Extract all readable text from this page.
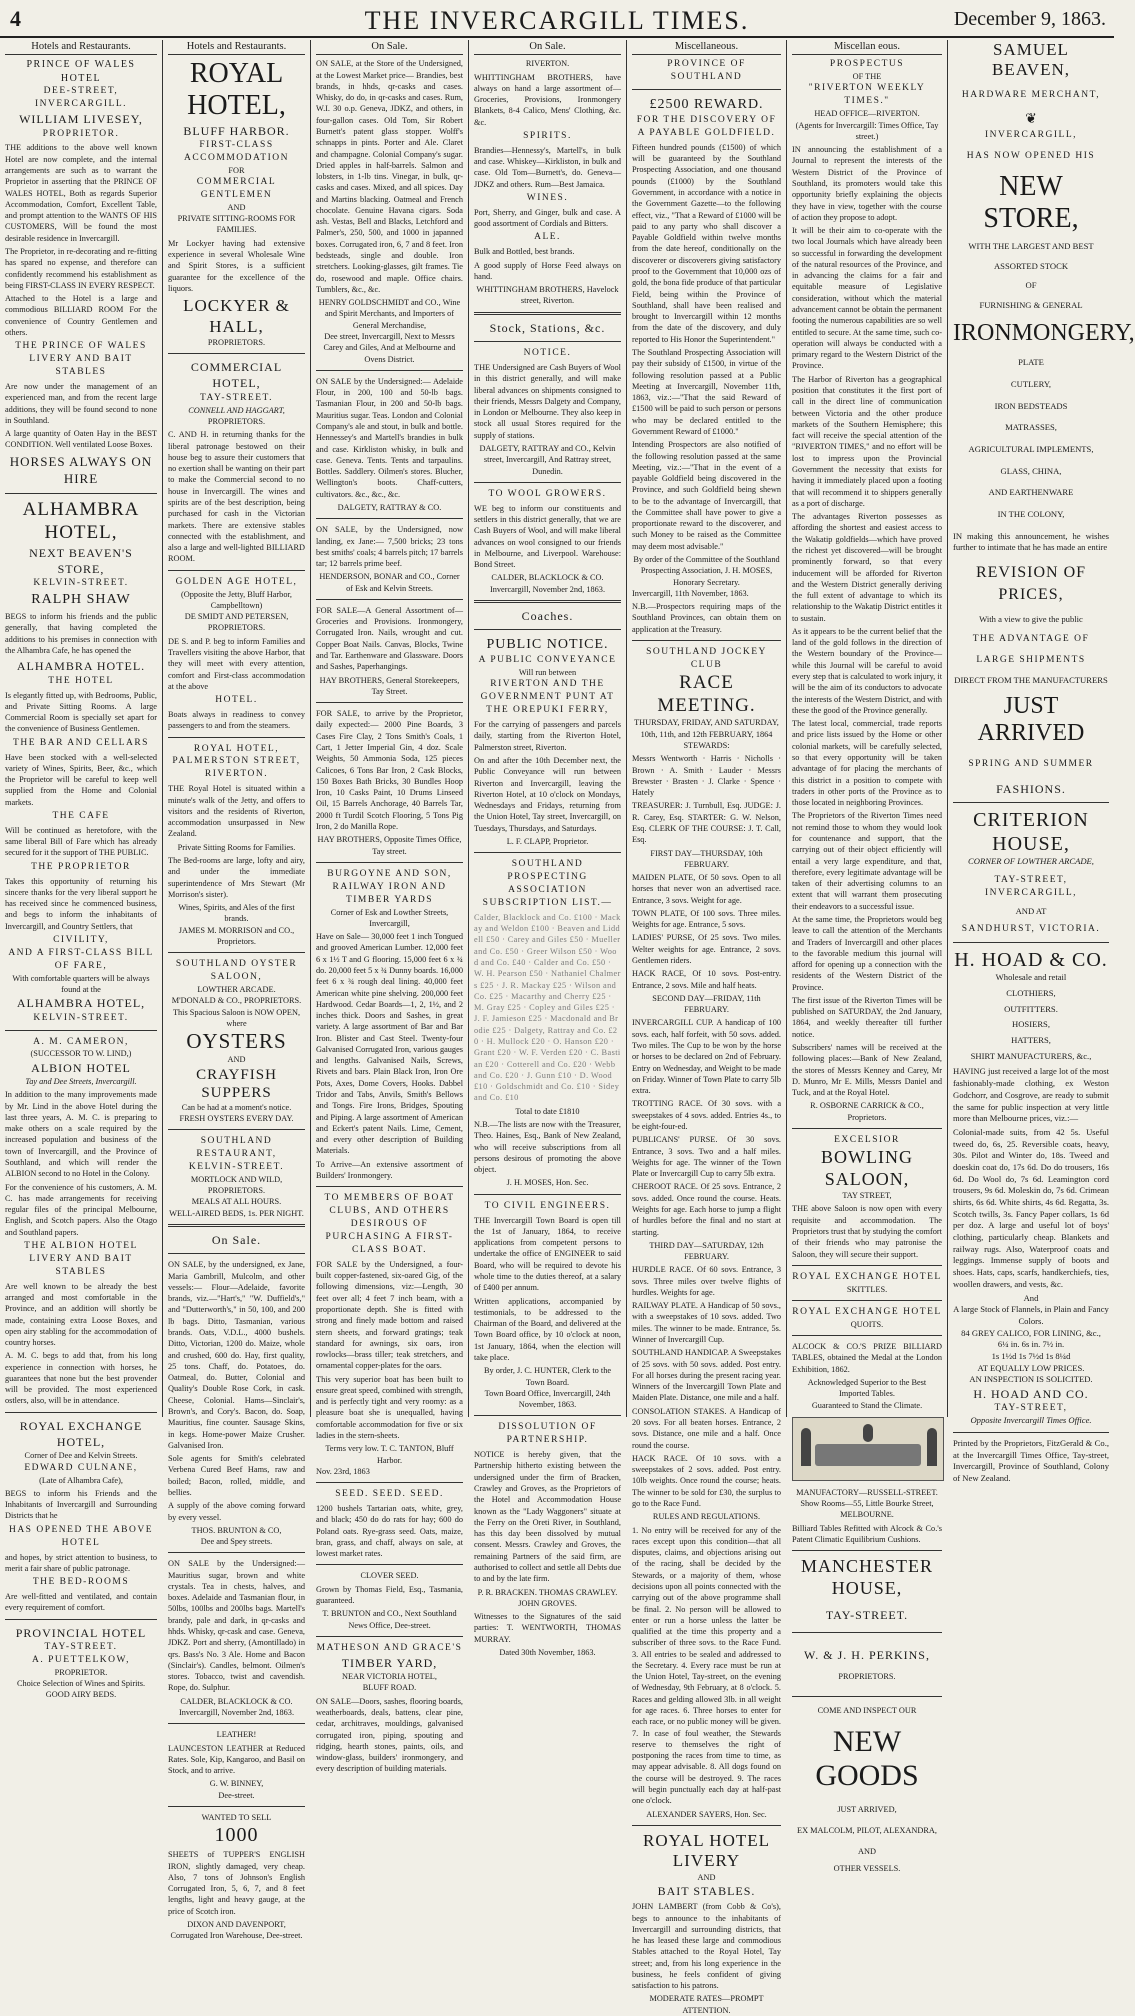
4	THE INVERCARGILL TIMES.	December 9, 1863.
Hotels and Restaurants.
PRINCE OF WALES HOTEL
DEE-STREET,
INVERCARGILL.
WILLIAM LIVESEY,
PROPRIETOR.

THE additions to the above well known Hotel are now complete, and the internal arrangements are such as to warrant the Proprietor in asserting that the PRINCE OF WALES HOTEL, Both as regards Superior Accommodation, Comfort, Excellent Table, and prompt attention to the WANTS OF HIS CUSTOMERS, Will be found the most desirable residence in Invercargill.

The Proprietor, in re-decorating and re-fitting has spared no expense, and therefore can confidently recommend his establishment as being FIRST-CLASS IN EVERY RESPECT.

Attached to the Hotel is a large and commodious BILLIARD ROOM For the convenience of Country Gentlemen and others.

THE PRINCE OF WALES LIVERY AND BAIT STABLES

Are now under the management of an experienced man, and from the recent large additions, they will be found second to none in Southland.

A large quantity of Oaten Hay in the BEST CONDITION. Well ventilated Loose Boxes.

HORSES ALWAYS ON HIRE
ALHAMBRA HOTEL,
NEXT BEAVEN'S STORE,
KELVIN-STREET.
RALPH SHAW

BEGS to inform his friends and the public generally, that having completed the additions to his premises in connection with the Alhambra Cafe, he has opened the

ALHAMBRA HOTEL.
THE HOTEL

Is elegantly fitted up, with Bedrooms, Public, and Private Sitting Rooms. A large Commercial Room is specially set apart for the convenience of Business Gentlemen.

THE BAR AND CELLARS

Have been stocked with a well-selected variety of Wines, Spirits, Beer, &c., which the Proprietor will be careful to keep well supplied from the Home and Colonial markets.

THE CAFE

Will be continued as heretofore, with the same liberal Bill of Fare which has already secured for it the support of THE PUBLIC.

THE PROPRIETOR

Takes this opportunity of returning his sincere thanks for the very liberal support he has received since he commenced business, and begs to inform the inhabitants of Invercargill, and Country Settlers, that

CIVILITY,
AND A FIRST-CLASS BILL OF FARE,
With comfortable quarters will be always found at the
ALHAMBRA HOTEL,
KELVIN-STREET.
A. M. CAMERON,
(SUCCESSOR TO W. LIND,)
ALBION HOTEL
Tay and Dee Streets, Invercargill.

In addition to the many improvements made by Mr. Lind in the above Hotel during the last three years, A. M. C. is preparing to make others on a scale required by the increased population and business of the town of Invercargill, and the Province of Southland, and which will render the ALBION second to no Hotel in the Colony.

For the convenience of his customers, A. M. C. has made arrangements for receiving regular files of the principal Melbourne, English, and Scotch papers. Also the Otago and Southland papers.

THE ALBION HOTEL LIVERY AND BAIT STABLES

Are well known to be already the best arranged and most comfortable in the Province, and an addition will shortly be made, containing extra Loose Boxes, and open airy stabling for the accommodation of country horses.

A. M. C. begs to add that, from his long experience in connection with horses, he guarantees that none but the best provender will be provided. The most experienced ostlers, also, will be in attendance.

ROYAL EXCHANGE HOTEL,
Corner of Dee and Kelvin Streets.
EDWARD CULNANE,
(Late of Alhambra Cafe),

BEGS to inform his Friends and the Inhabitants of Invercargill and Surrounding Districts that he

HAS OPENED THE ABOVE HOTEL

and hopes, by strict attention to business, to merit a fair share of public patronage.

THE BED-ROOMS

Are well-fitted and ventilated, and contain every requirement of comfort.

PROVINCIAL HOTEL
TAY-STREET.
A. PUETTELKOW,
PROPRIETOR.
Choice Selection of Wines and Spirits.
GOOD AIRY BEDS.
Hotels and Restaurants.
ROYAL HOTEL,
BLUFF HARBOR.
FIRST-CLASS ACCOMMODATION
FOR
COMMERCIAL GENTLEMEN
AND
PRIVATE SITTING-ROOMS FOR FAMILIES.

Mr Lockyer having had extensive experience in several Wholesale Wine and Spirit Stores, is a sufficient guarantee for the excellence of the liquors.

LOCKYER & HALL,
PROPRIETORS.
COMMERCIAL HOTEL,
TAY-STREET.
CONNELL AND HAGGART,
PROPRIETORS.

C. AND H. in returning thanks for the liberal patronage bestowed on their house beg to assure their customers that no exertion shall be wanting on their part to make the Commercial second to no house in Invercargill. The wines and spirits are of the best description, being purchased for cash in the Victorian markets. There are extensive stables connected with the establishment, and also a large and well-lighted BILLIARD ROOM.

GOLDEN AGE HOTEL,
(Opposite the Jetty, Bluff Harbor, Campbelltown)
DE SMIDT AND PETERSEN, PROPRIETORS.

DE S. and P. beg to inform Families and Travellers visiting the above Harbor, that they will meet with every attention, comfort and First-class accommodation at the above

HOTEL.

Boats always in readiness to convey passengers to and from the steamers.

ROYAL HOTEL,
PALMERSTON STREET,
RIVERTON.

THE Royal Hotel is situated within a minute's walk of the Jetty, and offers to visitors and the residents of Riverton, accommodation unsurpassed in New Zealand.

Private Sitting Rooms for Families.

The Bed-rooms are large, lofty and airy, and under the immediate superintendence of Mrs Stewart (Mr Morrison's sister).

Wines, Spirits, and Ales of the first brands.
JAMES M. MORRISON and CO., Proprietors.
SOUTHLAND OYSTER SALOON,
LOWTHER ARCADE.
M'DONALD & CO., PROPRIETORS.
This Spacious Saloon is NOW OPEN, where
OYSTERS
AND
CRAYFISH SUPPERS
Can be had at a moment's notice.
FRESH OYSTERS EVERY DAY.
SOUTHLAND RESTAURANT,
KELVIN-STREET.
MORTLOCK AND WILD,
PROPRIETORS.
MEALS AT ALL HOURS.
WELL-AIRED BEDS, 1s. PER NIGHT.
On Sale.

ON SALE, by the undersigned, ex Jane, Maria Gambrill, Mulcolm, and other vessels:— Flour—Adelaide, favorite brands, viz.—"Hart's," "W. Duffield's," and "Dutterworth's," in 50, 100, and 200 lb bags. Ditto, Tasmanian, various brands. Oats, V.D.L., 4000 bushels. Ditto, Victorian, 1200 do. Maize, whole and crushed, 600 do. Hay, first quality, 25 tons. Chaff, do. Potatoes, do. Oatmeal, do. Butter, Colonial and Quality's Double Rose Cork, in cask. Cheese, Colonial. Hams—Sinclair's, Brown's, and Cory's. Bacon, do. Soap, Mauritius, fine counter. Sausage Skins, in kegs. Home-power Maize Crusher. Galvanised Iron.

Sole agents for Smith's celebrated Verbena Cured Beef Hams, raw and boiled; Bacon, rolled, middle, and bellies.

A supply of the above coming forward by every vessel.

THOS. BRUNTON & CO,
Dee and Spey streets.

ON SALE by the Undersigned:— Mauritius sugar, brown and white crystals. Tea in chests, halves, and boxes. Adelaide and Tasmanian flour, in 50lbs, 100lbs and 200lbs bags. Martell's brandy, pale and dark, in qr-casks and hhds. Whisky, qr-cask and case. Geneva, JDKZ. Port and sherry, (Amontillado) in qrs. Bass's No. 3 Ale. Home and Bacon (Sinclair's). Candles, belmont. Oilmen's stores. Tobacco, twist and cavendish. Rope, do. Sulphur.

CALDER, BLACKLOCK & CO.
Invercargill, November 2nd, 1863.
LEATHER!

LAUNCESTON LEATHER at Reduced Rates. Sole, Kip, Kangaroo, and Basil on Stock, and to arrive.

G. W. BINNEY,
Dee-street.
WANTED TO SELL
1000

SHEETS of TUPPER'S ENGLISH IRON, slightly damaged, very cheap. Also, 7 tons of Johnson's English Corrugated Iron, 5, 6, 7, and 8 feet lengths, light and heavy gauge, at the price of Scotch iron.

DIXON AND DAVENPORT,
Corrugated Iron Warehouse, Dee-street.
On Sale.

ON SALE, at the Store of the Undersigned, at the Lowest Market price— Brandies, best brands, in hhds, qr-casks and cases. Whisky, do do, in qr-casks and cases. Rum, W.I. 30 o.p. Geneva, JDKZ, and others, in four-gallon cases. Old Tom, Sir Robert Burnett's patent glass stopper. Wolff's schnapps in pints. Porter and Ale. Claret and champagne. Colonial Company's sugar. Dried apples in half-barrels. Salmon and lobsters, in 1-lb tins. Vinegar, in bulk, qr-casks and cases. Mixed, and all spices. Day and Martins blacking. Oatmeal and French chocolate. Genuine Havana cigars. Soda ash. Vestas, Bell and Blacks, Letchford and Palmer's, 250, 500, and 1000 in japanned boxes. Corrugated iron, 6, 7 and 8 feet. Iron bedsteads, single and double. Iron stretchers. Looking-glasses, gilt frames. Tie do, rosewood and maple. Office chairs. Tumblers, &c., &c.

HENRY GOLDSCHMIDT and CO., Wine and Spirit Merchants, and Importers of General Merchandise,
Dee street, Invercargill, Next to Messrs Carey and Giles, And at Melbourne and Ovens District.

ON SALE by the Undersigned:— Adelaide Flour, in 200, 100 and 50-lb bags. Tasmanian Flour, in 200 and 50-lb bags. Mauritius sugar. Teas. London and Colonial Company's ale and stout, in bulk and bottle. Hennessey's and Martell's brandies in bulk and case. Kirkliston whisky, in bulk and case. Geneva. Tents. Tents and tarpaulins. Bottles. Saddlery. Oilmen's stores. Blucher, Wellington's boots. Chaff-cutters, cultivators. &c., &c., &c.

DALGETY, RATTRAY & CO.

ON SALE, by the Undersigned, now landing, ex Jane:— 7,500 bricks; 23 tons best smiths' coals; 4 barrels pitch; 17 barrels tar; 12 barrels prime beef.

HENDERSON, BONAR and CO., Corner of Esk and Kelvin Streets.

FOR SALE—A General Assortment of—Groceries and Provisions. Ironmongery, Corrugated Iron. Nails, wrought and cut. Copper Boat Nails. Canvas, Blocks, Twine and Tar. Earthenware and Glassware. Doors and Sashes, Paperhangings.

HAY BROTHERS, General Storekeepers, Tay Street.

FOR SALE, to arrive by the Proprietor, daily expected:— 2000 Pine Boards, 3 Cases Fire Clay, 2 Tons Smith's Coals, 1 Cart, 1 Jetter Imperial Gin, 4 doz. Scale Weights, 50 Ammonia Soda, 125 pieces Calicoes, 6 Tons Bar Iron, 2 Cask Blocks, 150 Boxes Bath Bricks, 30 Bundles Hoop Iron, 10 Casks Paint, 10 Drums Linseed Oil, 15 Barrels Anchorage, 40 Barrels Tar, 2000 ft Turdil Scotch Flooring, 5 Tons Pig Iron, 2 do Manilla Rope.

HAY BROTHERS, Opposite Times Office, Tay street.
BURGOYNE AND SON, RAILWAY IRON AND TIMBER YARDS
Corner of Esk and Lowther Streets, Invercargill,

Have on Sale— 30,000 feet 1 inch Tongued and grooved American Lumber. 12,000 feet 6 x 1½ T and G flooring. 15,000 feet 6 x ¾ do. 20,000 feet 5 x ¾ Dunny boards. 16,000 feet 6 x ¾ rough deal lining. 40,000 feet American white pine shelving. 200,000 feet Hardwood. Cedar Boards—1, 2, 1½, and 2 inches thick. Doors and Sashes, in great variety. A large assortment of Bar and Bar Iron. Blister and Cast Steel. Twenty-four Galvanised Corrugated Iron, various gauges and lengths. Galvanised Nails, Screws, Rivets and bars. Plain Black Iron, Iron Ore Pots, Axes, Dome Covers, Hooks. Dabbel Tridor and Tabs, Anvils, Smith's Bellows and Tongs. Fire Irons, Bridges, Spouting and Piping. A large assortment of American and Eckert's patent Nails. Lime, Cement, and every other description of Building Materials.

To Arrive—An extensive assortment of Builders' Ironmongery.

TO MEMBERS OF BOAT CLUBS, AND OTHERS DESIROUS OF PURCHASING A FIRST-CLASS BOAT.

FOR SALE by the Undersigned, a four-built copper-fastened, six-oared Gig, of the following dimensions, viz:—Length, 30 feet over all; 4 feet 7 inch beam, with a proportionate depth. She is fitted with strong and finely made bottom and raised stern sheets, and forward gratings; teak standard for awnings, six oars, iron rowlocks—brass tiller; teak stretchers, and ornamental copper-plates for the oars.

This very superior boat has been built to ensure great speed, combined with strength, and is perfectly tight and very roomy: as a pleasure boat she is unequalled, having comfortable accommodation for five or six ladies in the stern-sheets.

Terms very low. T. C. TANTON, Bluff Harbor.
Nov. 23rd, 1863
SEED. SEED. SEED.

1200 bushels Tartarian oats, white, grey, and black; 450 do do rats for hay; 600 do Poland oats. Rye-grass seed. Oats, maize, bran, grass, and chaff, always on sale, at lowest market rates.

CLOVER SEED.

Grown by Thomas Field, Esq., Tasmania, guaranteed.

T. BRUNTON and CO., Next Southland News Office, Dee-street.
MATHESON AND GRACE'S
TIMBER YARD,
NEAR VICTORIA HOTEL,
BLUFF ROAD.

ON SALE—Doors, sashes, flooring boards, weatherboards, deals, battens, clear pine, cedar, architraves, mouldings, galvanised corrugated iron, piping, spouting and ridging, hearth stones, paints, oils, and window-glass, builders' ironmongery, and every description of building materials.

On Sale.
RIVERTON.

WHITTINGHAM BROTHERS, have always on hand a large assortment of— Groceries, Provisions, Ironmongery Blankets, 8-4 Calico, Mens' Clothing, &c. &c.

SPIRITS.

Brandies—Hennessy's, Martell's, in bulk and case. Whiskey—Kirkliston, in bulk and case. Old Tom—Burnett's, do. Geneva—JDKZ and others. Rum—Best Jamaica.

WINES.

Port, Sherry, and Ginger, bulk and case. A good assortment of Cordials and Bitters.

ALE.

Bulk and Bottled, best brands.

A good supply of Horse Feed always on hand.

WHITTINGHAM BROTHERS, Havelock street, Riverton.
Stock, Stations, &c.
NOTICE.

THE Undersigned are Cash Buyers of Wool in this district generally, and will make liberal advances on shipments consigned to their friends, Messrs Dalgety and Company, in London or Melbourne. They also keep in stock all usual Stores required for the supply of stations.

DALGETY, RATTRAY and CO., Kelvin street, Invercargill, And Rattray street, Dunedin.
TO WOOL GROWERS.

WE beg to inform our constituents and settlers in this district generally, that we are Cash Buyers of Wool, and will make liberal advances on wool consigned to our friends in Melbourne, and Liverpool. Warehouse: Bond Street.

CALDER, BLACKLOCK & CO.
Invercargill, November 2nd, 1863.
Coaches.
PUBLIC NOTICE.
A PUBLIC CONVEYANCE
Will run between
RIVERTON AND THE GOVERNMENT PUNT AT THE OREPUKI FERRY,

For the carrying of passengers and parcels daily, starting from the Riverton Hotel, Palmerston street, Riverton.

On and after the 10th December next, the Public Conveyance will run between Riverton and Invercargill, leaving the Riverton Hotel, at 10 o'clock on Mondays, Wednesdays and Fridays, returning from the Union Hotel, Tay street, Invercargill, on Tuesdays, Thursdays, and Saturdays.

L. F. CLAPP, Proprietor.
SOUTHLAND PROSPECTING ASSOCIATION SUBSCRIPTION LIST.—

Calder, Blacklock and Co. £100 · Mackay and Weldon £100 · Beaven and Liddell £50 · Carey and Giles £50 · Mueller and Co. £50 · Greer Wilson £50 · Wood and Co. £40 · Calder and Co. £50 · W. H. Pearson £50 · Nathaniel Chalmers £25 · J. R. Mackay £25 · Wilson and Co. £25 · Macarthy and Cherry £25 · M. Gray £25 · Copley and Giles £25 · J. F. Jamieson £25 · Macdonald and Brodie £25 · Dalgety, Rattray and Co. £20 · H. Mullock £20 · O. Hanson £20 · Grant £20 · W. F. Verden £20 · C. Bastian £20 · Cotterell and Co. £20 · Webb and Co. £20 · J. Gunn £10 · D. Wood £10 · Goldschmidt and Co. £10 · Sidey and Co. £10

Total to date £1810

N.B.—The lists are now with the Treasurer, Theo. Haines, Esq., Bank of New Zealand, who will receive subscriptions from all persons desirous of promoting the above object.

J. H. MOSES, Hon. Sec.
TO CIVIL ENGINEERS.

THE Invercargill Town Board is open till the 1st of January, 1864, to receive applications from competent persons to undertake the office of ENGINEER to said Board, who will be required to devote his whole time to the duties thereof, at a salary of £400 per annum.

Written applications, accompanied by testimonials, to be addressed to the Chairman of the Board, and delivered at the Town Board office, by 10 o'clock at noon, 1st January, 1864, when the election will take place.

By order, J. C. HUNTER, Clerk to the Town Board.
Town Board Office, Invercargill, 24th November, 1863.
DISSOLUTION OF PARTNERSHIP.

NOTICE is hereby given, that the Partnership hitherto existing between the undersigned under the firm of Bracken, Crawley and Groves, as the Proprietors of the Hotel and Accommodation House known as the "Lady Waggoners" situate at the Ferry on the Oreti River, in Southland, has this day been dissolved by mutual consent. Messrs. Crawley and Groves, the remaining Partners of the said firm, are authorised to collect and settle all Debts due to and by the late firm.

P. R. BRACKEN. THOMAS CRAWLEY. JOHN GROVES.

Witnesses to the Signatures of the said parties: T. WENTWORTH, THOMAS MURRAY.

Dated 30th November, 1863.
Miscellaneous.
PROVINCE OF SOUTHLAND
£2500 REWARD.
FOR THE DISCOVERY OF A PAYABLE GOLDFIELD.

Fifteen hundred pounds (£1500) of which will be guaranteed by the Southland Prospecting Association, and one thousand pounds (£1000) by the Southland Government, in accordance with a notice in the Government Gazette—to the following effect, viz., "That a Reward of £1000 will be paid to any party who shall discover a Payable Goldfield within twelve months from the date hereof, conditionally on the discoverer or discoverers giving satisfactory proof to the Government that 10,000 ozs of gold, the bona fide produce of that particular Field, being within the Province of Southland, shall have been realised and brought to Invercargill within 12 months from the date of the discovery, and duly reported to His Honor the Superintendent."

The Southland Prospecting Association will pay their subsidy of £1500, in virtue of the following resolution passed at a Public Meeting at Invercargill, November 11th, 1863, viz.:—"That the said Reward of £1500 will be paid to such person or persons who may be declared entitled to the Government Reward of £1000."

Intending Prospectors are also notified of the following resolution passed at the same Meeting, viz.:—"That in the event of a payable Goldfield being discovered in the Province, and such Goldfield being shewn to be to the advantage of Invercargill, that the Committee shall have power to give a proportionate reward to the discoverer, and such Money to be raised as the Committee may deem most advisable."

By order of the Committee of the Southland Prospecting Association, J. H. MOSES, Honorary Secretary.
Invercargill, 11th November, 1863.

N.B.—Prospectors requiring maps of the Southland Provinces, can obtain them on application at the Treasury.

SOUTHLAND JOCKEY CLUB
RACE MEETING.
THURSDAY, FRIDAY, AND SATURDAY, 10th, 11th, and 12th FEBRUARY, 1864
STEWARDS:

Messrs Wentworth · Harris · Nicholls · Brown · A. Smith · Lauder · Messrs Brewster · Brasten · J. Clarke · Spence · Hately

TREASURER: J. Turnbull, Esq. JUDGE: J. R. Carey, Esq. STARTER: G. W. Nelson, Esq. CLERK OF THE COURSE: J. T. Call, Esq.

FIRST DAY—THURSDAY, 10th FEBRUARY.

MAIDEN PLATE, Of 50 sovs. Open to all horses that never won an advertised race. Entrance, 3 sovs. Weight for age.

TOWN PLATE, Of 100 sovs. Three miles. Weights for age. Entrance, 5 sovs.

LADIES' PURSE, Of 25 sovs. Two miles. Welter weights for age. Entrance, 2 sovs. Gentlemen riders.

HACK RACE, Of 10 sovs. Post-entry. Entrance, 2 sovs. Mile and half heats.

SECOND DAY—FRIDAY, 11th FEBRUARY.

INVERCARGILL CUP. A handicap of 100 sovs. each, half forfeit, with 50 sovs. added. Two miles. The Cup to be won by the horse or horses to be declared on 2nd of February. Entry on Wednesday, and Weight to be made on Friday. Winner of Town Plate to carry 5lb extra.

TROTTING RACE. Of 30 sovs. with a sweepstakes of 4 sovs. added. Entries 4s., to be eight-four-ed.

PUBLICANS' PURSE. Of 30 sovs. Entrance, 3 sovs. Two and a half miles. Weights for age. The winner of the Town Plate or Invercargill Cup to carry 5lb extra.

CHEROOT RACE. Of 25 sovs. Entrance, 2 sovs. added. Once round the course. Heats. Weights for age. Each horse to jump a flight of hurdles before the final and no start at starting.

THIRD DAY—SATURDAY, 12th FEBRUARY.

HURDLE RACE. Of 60 sovs. Entrance, 3 sovs. Three miles over twelve flights of hurdles. Weights for age.

RAILWAY PLATE. A Handicap of 50 sovs., with a sweepstakes of 10 sovs. added. Two miles. The winner to be made. Entrance, 5s. Winner of Invercargill Cup.

SOUTHLAND HANDICAP. A Sweepstakes of 25 sovs. with 50 sovs. added. Post entry. For all horses during the present racing year. Winners of the Invercargill Town Plate and Maiden Plate. Distance, one mile and a half.

CONSOLATION STAKES. A Handicap of 20 sovs. For all beaten horses. Entrance, 2 sovs. Distance, one mile and a half. Once round the course.

HACK RACE. Of 10 sovs. with a sweepstakes of 2 sovs. added. Post entry. 10lb weights. Once round the course; heats. The winner to be sold for £30, the surplus to go to the Race Fund.

RULES AND REGULATIONS.

1. No entry will be received for any of the races except upon this condition—that all disputes, claims, and objections arising out of the racing, shall be decided by the Stewards, or a majority of them, whose decisions upon all points connected with the carrying out of the above programme shall be final. 2. No person will be allowed to enter or run a horse unless the latter be qualified at the time this property and a subscriber of three sovs. to the Race Fund. 3. All entries to be sealed and addressed to the Secretary. 4. Every race must be run at the Union Hotel, Tay-street, on the evening of Wednesday, 9th February, at 8 o'clock. 5. Races and gelding allowed 3lb. in all weight for age races. 6. Three horses to enter for each race, or no public money will be given. 7. In case of foul weather, the Stewards reserve to themselves the right of postponing the races from time to time, as may appear advisable. 8. All dogs found on the course will be destroyed. 9. The races will begin punctually each day at half-past one o'clock.

ALEXANDER SAYERS, Hon. Sec.
ROYAL HOTEL LIVERY
AND
BAIT STABLES.

JOHN LAMBERT (from Cobb & Co's), begs to announce to the inhabitants of Invercargill and surrounding districts, that he has leased these large and commodious Stables attached to the Royal Hotel, Tay street; and, from his long experience in the business, he feels confident of giving satisfaction to his patrons.

MODERATE RATES—PROMPT ATTENTION.
Miscellan eous.
PROSPECTUS
OF THE
"RIVERTON WEEKLY TIMES."
HEAD OFFICE—RIVERTON.
(Agents for Invercargill: Times Office, Tay street.)

IN announcing the establishment of a Journal to represent the interests of the Western District of the Province of Southland, its promoters would take this opportunity briefly explaining the objects they have in view, together with the course of action they propose to adopt.

It will be their aim to co-operate with the two local Journals which have already been so successful in forwarding the development of the natural resources of the Province, and in advancing the claims for a fair and equitable measure of Legislative consideration, without which the material advancement cannot be obtain the permanent footing the numerous capabilities are so well entitled to secure. At the same time, such co-operation will always be conducted with a primary regard to the Western District of the Province.

The Harbor of Riverton has a geographical position that constitutes it the first port of call in the direct line of communication between Victoria and the other produce markets of the Southern Hemisphere; this fact will receive the special attention of the "RIVERTON TIMES," and no effort will be lost to impress upon the Provincial Government the necessity that exists for having it immediately placed upon a footing that will recommend it to shippers generally as a port of discharge.

The advantages Riverton possesses as affording the shortest and easiest access to the Wakatip goldfields—which have proved the richest yet discovered—will be brought prominently forward, so that every inducement will be afforded for Riverton and the Western District generally deriving the full extent of advantage to which its relationship to the Wakatip District entitles it to sustain.

As it appears to be the current belief that the land of the gold follows in the direction of the Western boundary of the Province—while this Journal will be careful to avoid every step that is calculated to work injury, it will be the aim of its conductors to advocate the interests of the Western District, and with these the good of the Province generally.

The latest local, commercial, trade reports and price lists issued by the Home or other colonial markets, will be carefully selected, so that every opportunity will be taken advantage of for placing the merchants of this district in a position to compete with traders in other ports of the Province as to those located in neighboring Provinces.

The Proprietors of the Riverton Times need not remind those to whom they would look for countenance and support, that the carrying out of their object efficiently will entail a very large expenditure, and that, therefore, every legitimate advantage will be taken of their advertising columns to an extent that will warrant them prosecuting their endeavors to a successful issue.

At the same time, the Proprietors would beg leave to call the attention of the Merchants and Traders of Invercargill and other places to the favorable medium this journal will afford for opening up a connection with the residents of the Western District of the Province.

The first issue of the Riverton Times will be published on SATURDAY, the 2nd January, 1864, and weekly thereafter till further notice.

Subscribers' names will be received at the following places:—Bank of New Zealand, the stores of Messrs Kenney and Carey, Mr D. Munro, Mr E. Mills, Messrs Daniel and Tuck, and at the Royal Hotel.

R. OSBORNE CARRICK & CO., Proprietors.
EXCELSIOR
BOWLING SALOON,
TAY STREET,

THE above Saloon is now open with every requisite and accommodation. The Proprietors trust that by studying the comfort of their friends who may patronise the Saloon, they will secure their support.

ROYAL EXCHANGE HOTEL
SKITTLES.
ROYAL EXCHANGE HOTEL
QUOITS.

ALCOCK & CO.'S PRIZE BILLIARD TABLES, obtained the Medal at the London Exhibition, 1862.

Acknowledged Superior to the Best Imported Tables.
Guaranteed to Stand the Climate.
MANUFACTORY—RUSSELL-STREET.
Show Rooms—55, Little Bourke Street,
MELBOURNE.

Billiard Tables Refitted with Alcock & Co.'s Patent Climatic Equilibrium Cushions.

MANCHESTER HOUSE,
TAY-STREET.
W. & J. H. PERKINS,
PROPRIETORS.
COME AND INSPECT OUR
NEW GOODS
JUST ARRIVED,
EX MALCOLM, PILOT, ALEXANDRA,
AND
OTHER VESSELS.
SAMUEL BEAVEN,
HARDWARE MERCHANT,
❦
INVERCARGILL,
HAS NOW OPENED HIS
NEW STORE,
WITH THE LARGEST AND BEST
ASSORTED STOCK
OF
FURNISHING & GENERAL
IRONMONGERY,
PLATE
CUTLERY,
IRON BEDSTEADS
MATRASSES,
AGRICULTURAL IMPLEMENTS,
GLASS, CHINA,
AND EARTHENWARE
IN THE COLONY,

IN making this announcement, he wishes further to intimate that he has made an entire

REVISION OF PRICES,
With a view to give the public
THE ADVANTAGE OF
LARGE SHIPMENTS
DIRECT FROM THE MANUFACTURERS
JUST ARRIVED
SPRING AND SUMMER
FASHIONS.
CRITERION HOUSE,
CORNER OF LOWTHER ARCADE,
TAY-STREET, INVERCARGILL,
AND AT
SANDHURST, VICTORIA.
H. HOAD & CO.
Wholesale and retail
CLOTHIERS,
OUTFITTERS.
HOSIERS,
HATTERS,
SHIRT MANUFACTURERS, &c.,

HAVING just received a large lot of the most fashionably-made clothing, ex Weston Godchorr, and Cosgrove, are ready to submit the same for public inspection at very little more than Melbourne prices, viz.:—

Colonial-made suits, from 42 5s. Useful tweed do, 6s, 25. Reversible coats, heavy, 30s. Pilot and Winter do, 18s. Tweed and doeskin coat do, 17s 6d. Do do trousers, 16s 6d. Do Wool do, 7s 6d. Leamington cord trousers, 9s 6d. Moleskin do, 7s 6d. Crimean shirts, 6s 6d. White shirts, 4s 6d. Regatta, 3s. Scotch twills, 3s. Fancy Paper collars, 1s 6d per doz. A large and useful lot of boys' clothing, particularly cheap. Blankets and railway rugs. Also, Waterproof coats and leggings. Immense supply of boots and shoes. Hats, caps, scarfs, handkerchiefs, ties, woollen drawers, and vests, &c.

And
A large Stock of Flannels, in Plain and Fancy Colors.
84 GREY CALICO, FOR LINING, &c.,
6¼ in. 6s in. 7½ in.
1s 1½d 1s 7½d 1s 8¼d
AT EQUALLY LOW PRICES.
AN INSPECTION IS SOLICITED.
H. HOAD AND CO.
TAY-STREET,
Opposite Invercargill Times Office.

Printed by the Proprietors, FitzGerald & Co., at the Invercargill Times Office, Tay-street, Invercargill, Province of Southland, Colony of New Zealand.
